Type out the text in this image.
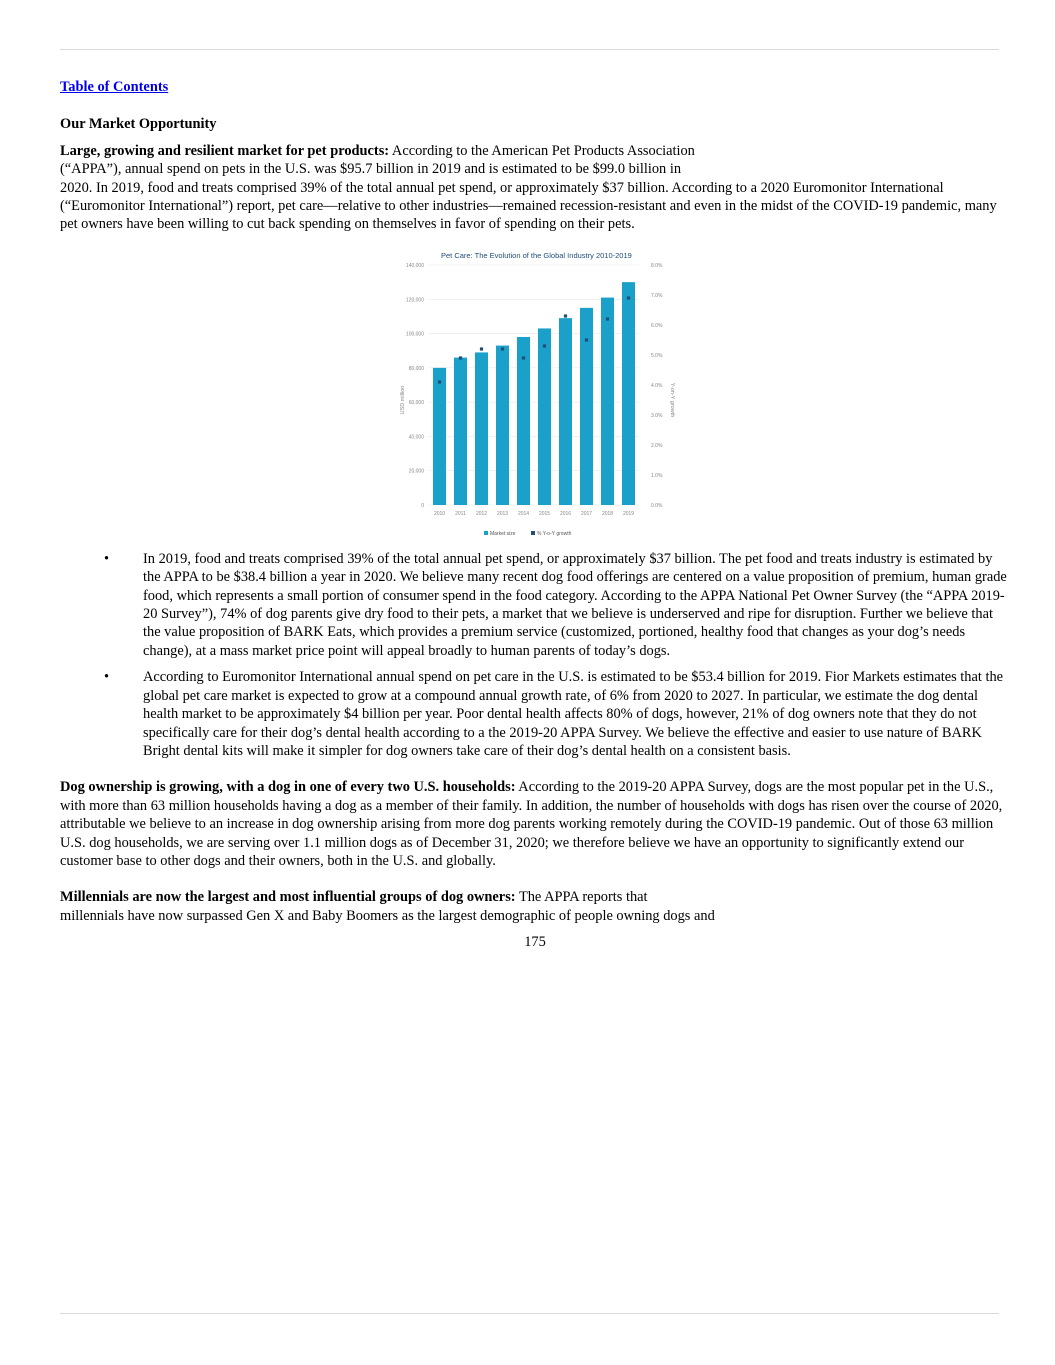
Table of Contents
Our Market Opportunity

Large, growing and resilient market for pet products: According to the American Pet Products Association
(“APPA”), annual spend on pets in the U.S. was $95.7 billion in 2019 and is estimated to be $99.0 billion in
2020. In 2019, food and treats comprised 39% of the total annual pet spend, or approximately $37 billion. According to a 2020 Euromonitor International (“Euromonitor International”) report, pet care—relative to other industries—remained recession-resistant and even in the midst of the COVID-19 pandemic, many pet owners have been willing to cut back spending on themselves in favor of spending on their pets.

Pet Care: The Evolution of the Global Industry 2010-2019
0
20,000
40,000
60,000
80,000
100,000
120,000
140,000
0.0%
1.0%
2.0%
3.0%
4.0%
5.0%
6.0%
7.0%
8.0%
2010 2011 2012 2013 2014 2015 2016 2017 2018 2019
USD million	Y-on-Y growth
Market size	% Y-o-Y growth
• In 2019, food and treats comprised 39% of the total annual pet spend, or approximately $37 billion. The pet food and treats industry is estimated by the APPA to be $38.4 billion a year in 2020. We believe many recent dog food offerings are centered on a value proposition of premium, human grade food, which represents a small portion of consumer spend in the food category. According to the APPA National Pet Owner Survey (the “APPA 2019-20 Survey”), 74% of dog parents give dry food to their pets, a market that we believe is underserved and ripe for disruption. Further we believe that the value proposition of BARK Eats, which provides a premium service (customized, portioned, healthy food that changes as your dog’s needs change), at a mass market price point will appeal broadly to human parents of today’s dogs.
• According to Euromonitor International annual spend on pet care in the U.S. is estimated to be $53.4 billion for 2019. Fior Markets estimates that the global pet care market is expected to grow at a compound annual growth rate, of 6% from 2020 to 2027. In particular, we estimate the dog dental health market to be approximately $4 billion per year. Poor dental health affects 80% of dogs, however, 21% of dog owners note that they do not specifically care for their dog’s dental health according to a the 2019-20 APPA Survey. We believe the effective and easier to use nature of BARK Bright dental kits will make it simpler for dog owners take care of their dog’s dental health on a consistent basis.

Dog ownership is growing, with a dog in one of every two U.S. households: According to the 2019-20 APPA Survey, dogs are the most popular pet in the U.S., with more than 63 million households having a dog as a member of their family. In addition, the number of households with dogs has risen over the course of 2020, attributable we believe to an increase in dog ownership arising from more dog parents working remotely during the COVID-19 pandemic. Out of those 63 million U.S. dog households, we are serving over 1.1 million dogs as of December 31, 2020; we therefore believe we have an opportunity to significantly extend our customer base to other dogs and their owners, both in the U.S. and globally.

Millennials are now the largest and most influential groups of dog owners: The APPA reports that
millennials have now surpassed Gen X and Baby Boomers as the largest demographic of people owning dogs and

175
